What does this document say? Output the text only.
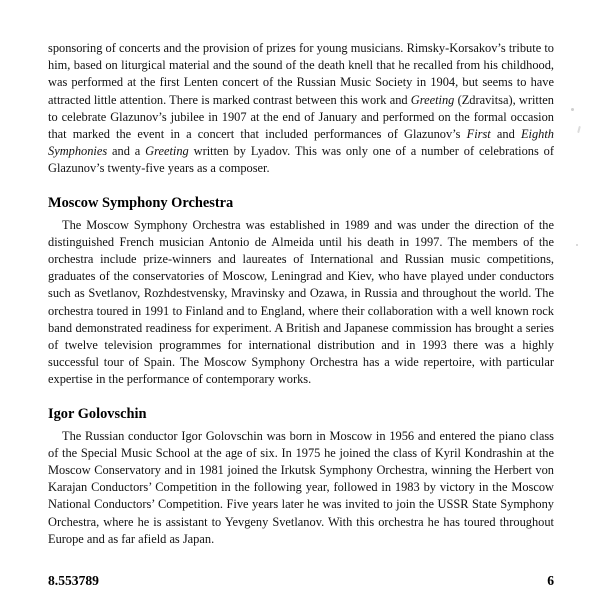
sponsoring of concerts and the provision of prizes for young musicians. Rimsky-Korsakov’s tribute to him, based on liturgical material and the sound of the death knell that he recalled from his childhood, was performed at the first Lenten concert of the Russian Music Society in 1904, but seems to have attracted little attention. There is marked contrast between this work and Greeting (Zdravitsa), written to celebrate Glazunov’s jubilee in 1907 at the end of January and performed on the formal occasion that marked the event in a concert that included performances of Glazunov’s First and Eighth Symphonies and a Greeting written by Lyadov. This was only one of a number of celebrations of Glazunov’s twenty-five years as a composer.

Moscow Symphony Orchestra

The Moscow Symphony Orchestra was established in 1989 and was under the direction of the distinguished French musician Antonio de Almeida until his death in 1997. The members of the orchestra include prize-winners and laureates of International and Russian music competitions, graduates of the conservatories of Moscow, Leningrad and Kiev, who have played under conductors such as Svetlanov, Rozhdestvensky, Mravinsky and Ozawa, in Russia and throughout the world. The orchestra toured in 1991 to Finland and to England, where their collaboration with a well known rock band demonstrated readiness for experiment. A British and Japanese commission has brought a series of twelve television programmes for international distribution and in 1993 there was a highly successful tour of Spain. The Moscow Symphony Orchestra has a wide repertoire, with particular expertise in the performance of contemporary works.

Igor Golovschin

The Russian conductor Igor Golovschin was born in Moscow in 1956 and entered the piano class of the Special Music School at the age of six. In 1975 he joined the class of Kyril Kondrashin at the Moscow Conservatory and in 1981 joined the Irkutsk Symphony Orchestra, winning the Herbert von Karajan Conductors’ Competition in the following year, followed in 1983 by victory in the Moscow National Conductors’ Competition. Five years later he was invited to join the USSR State Symphony Orchestra, where he is assistant to Yevgeny Svetlanov. With this orchestra he has toured throughout Europe and as far afield as Japan.

8.553789	6
